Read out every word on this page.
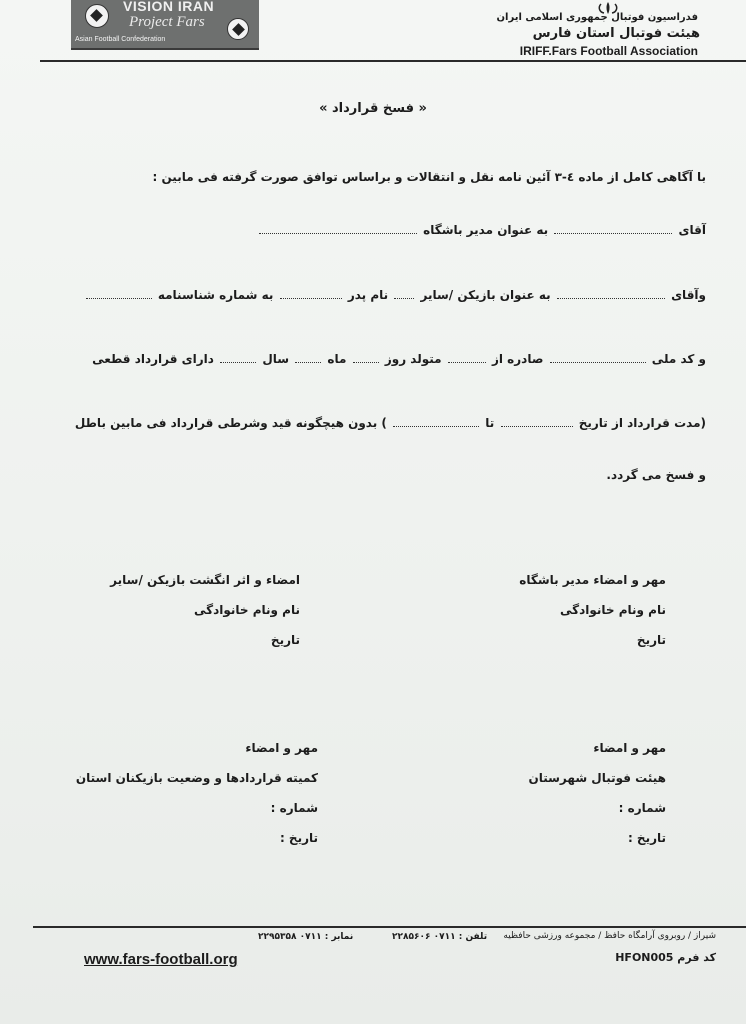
VISION IRAN
Project Fars
Asian Football Confederation
فدراسیون فوتبال جمهوری اسلامی ایران
هیئت فوتبال استان فارس
IRIFF.Fars Football Association
« فسخ قرارداد »
با آگاهی کامل از ماده ٤-٣ آئین نامه نقل و انتقالات و براساس توافق صورت گرفته فی مابین :
آقای  به عنوان مدیر باشگاه
وآقای  به عنوان بازیکن /سایر  نام پدر  به شماره شناسنامه
و کد ملی  صادره از  متولد روز  ماه  سال  دارای قرارداد قطعی
(مدت قرارداد از تاریخ  تا  ) بدون هیچگونه قید وشرطی قرارداد فی مابین باطل
و فسخ می گردد.
مهر و امضاء مدیر باشگاه
نام ونام خانوادگی
تاریخ
امضاء و اثر انگشت بازیکن /سایر
نام ونام خانوادگی
تاریخ
مهر و امضاء
هیئت فوتبال شهرستان
شماره :
تاریخ :
مهر و امضاء
کمیته قراردادها و وضعیت بازیکنان استان
شماره :
تاریخ :
شیراز / روبروی آرامگاه حافظ / مجموعه ورزشی حافظیه
تلفن : ۰۷۱۱ ۲۲۸۵۶۰۶
نمابر : ۰۷۱۱ ۲۲۹۵۳۵۸
www.fars-football.org	کد فرم HFON005
